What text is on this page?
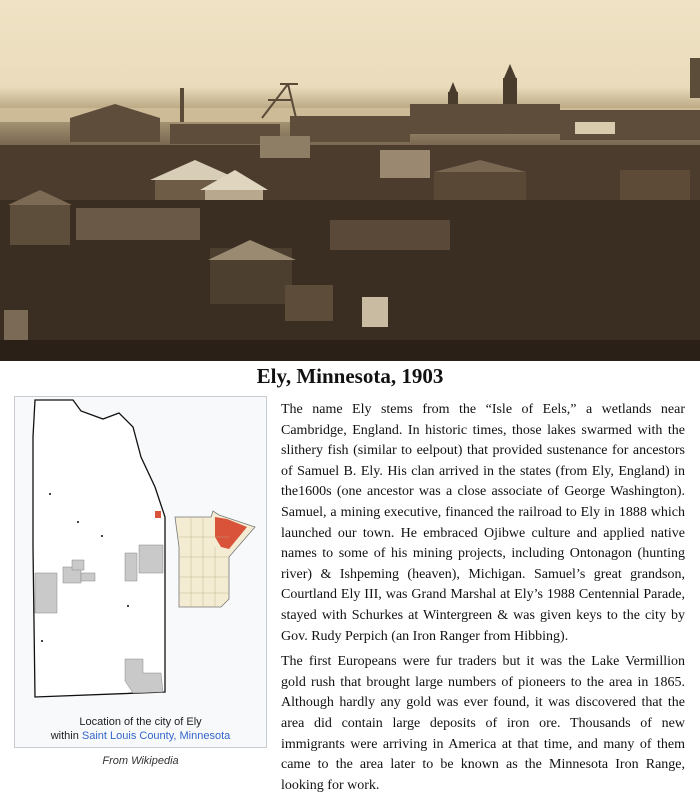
Ely, Minnesota, 1903
Location of the city of Ely
within Saint Louis County, Minnesota
From Wikipedia

The name Ely stems from the “Isle of Eels,” a wetlands near Cambridge, England. In historic times, those lakes swarmed with the slithery fish (similar to eelpout) that provided sustenance for ancestors of Samuel B. Ely. His clan arrived in the states (from Ely, England) in the1600s (one ancestor was a close associate of George Washington). Samuel, a mining executive, financed the railroad to Ely in 1888 which launched our town. He embraced Ojibwe culture and applied native names to some of his mining projects, including Ontonagon (hunting river) & Ishpeming (heaven), Michigan. Samuel’s great grandson, Courtland Ely III, was Grand Marshal at Ely’s 1988 Centennial Parade, stayed with Schurkes at Wintergreen & was given keys to the city by Gov. Rudy Perpich (an Iron Ranger from Hibbing).

The first Europeans were fur traders but it was the Lake Vermillion gold rush that brought large numbers of pioneers to the area in 1865. Although hardly any gold was ever found, it was discovered that the area did contain large deposits of iron ore. Thousands of new immigrants were arriving in America at that time, and many of them came to the area later to be known as the Minnesota Iron Range, looking for work.
